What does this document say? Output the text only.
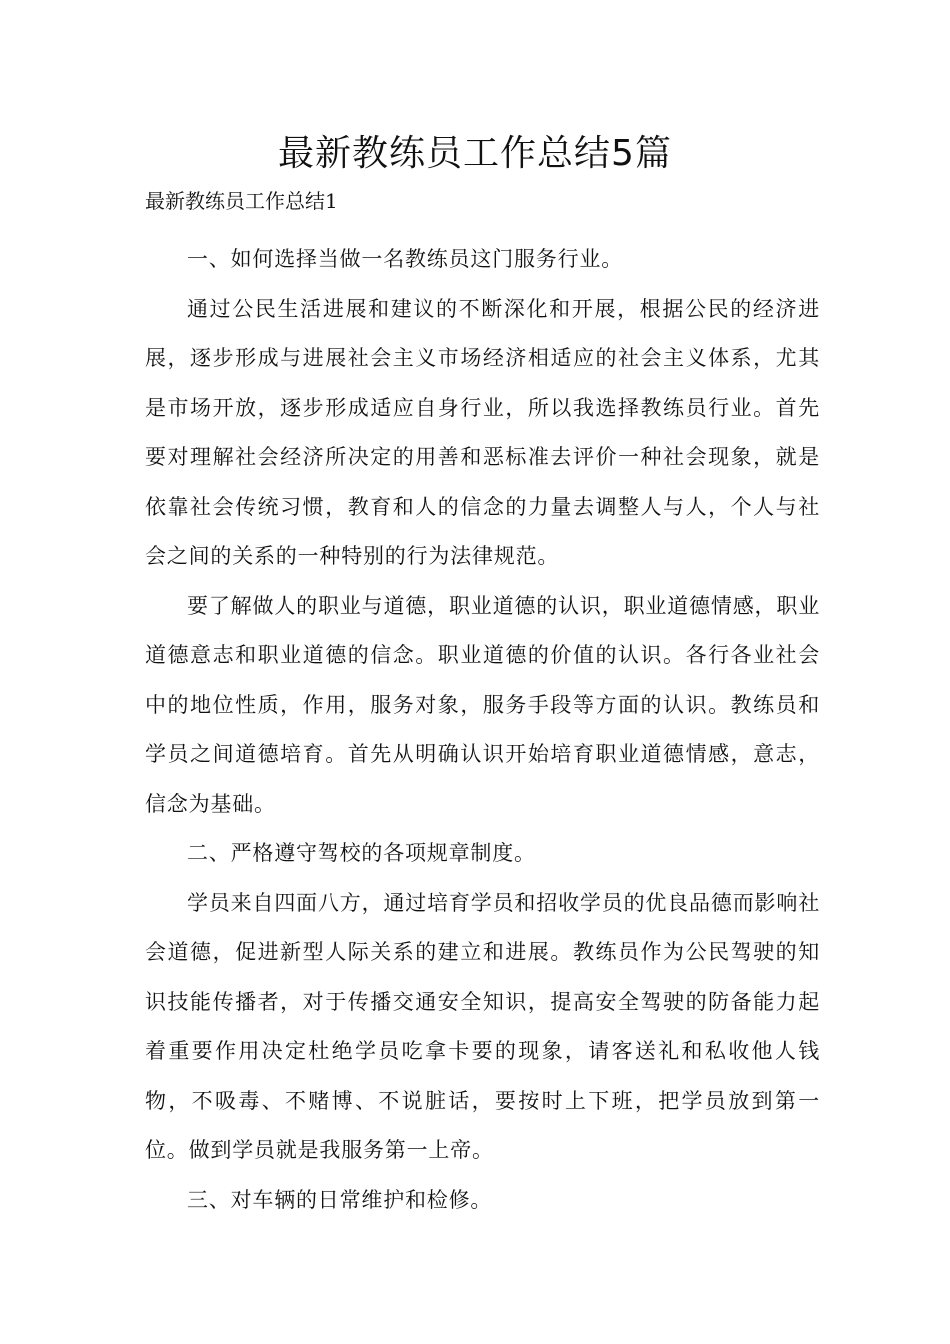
最新教练员工作总结5篇
最新教练员工作总结1

一、如何选择当做一名教练员这门服务行业。

通过公民生活进展和建议的不断深化和开展，根据公民的经济进展，逐步形成与进展社会主义市场经济相适应的社会主义体系，尤其是市场开放，逐步形成适应自身行业，所以我选择教练员行业。首先要对理解社会经济所决定的用善和恶标准去评价一种社会现象，就是依靠社会传统习惯，教育和人的信念的力量去调整人与人，个人与社会之间的关系的一种特别的行为法律规范。

要了解做人的职业与道德，职业道德的认识，职业道德情感，职业道德意志和职业道德的信念。职业道德的价值的认识。各行各业社会中的地位性质，作用，服务对象，服务手段等方面的认识。教练员和学员之间道德培育。首先从明确认识开始培育职业道德情感，意志，信念为基础。

二、严格遵守驾校的各项规章制度。

学员来自四面八方，通过培育学员和招收学员的优良品德而影响社会道德，促进新型人际关系的建立和进展。教练员作为公民驾驶的知识技能传播者，对于传播交通安全知识，提高安全驾驶的防备能力起着重要作用决定杜绝学员吃拿卡要的现象，请客送礼和私收他人钱物，不吸毒、不赌博、不说脏话，要按时上下班，把学员放到第一位。做到学员就是我服务第一上帝。

三、对车辆的日常维护和检修。
